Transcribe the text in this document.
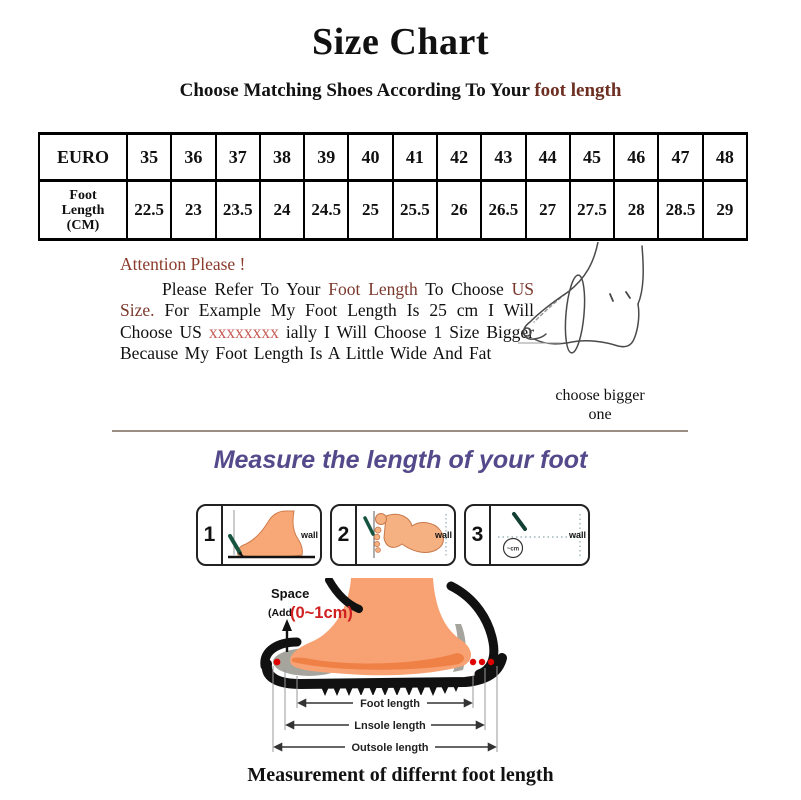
Size Chart
Choose Matching Shoes According To Your foot length
EURO	35	36	37	38	39	40	41	42	43	44	45	46	47	48

Foot
Length
(CM)	22.5	23	23.5	24	24.5	25	25.5	26	26.5	27	27.5	28	28.5	29
Attention Please !

Please Refer To Your Foot Length To Choose US Size. For Example My Foot Length Is 25 cm I Will Choose US xxxxxxxx ially I Will Choose 1 Size Bigger Because My Foot Length Is A Little Wide And Fat

choose bigger one
Measure the length of your foot
1	wall 2	wall 3
~cm
wall
Space
(Add
(0~1cm)
Foot length
Lnsole length
Outsole length
Measurement of differnt foot length
